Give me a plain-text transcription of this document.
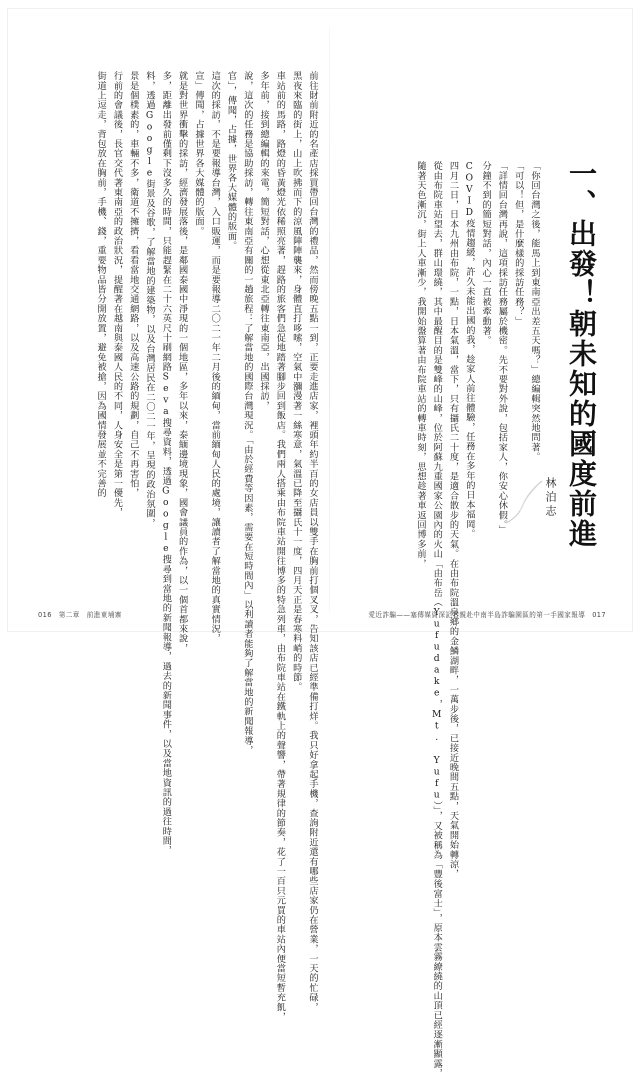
前往財前附近的名產店採買帶回台灣的禮品，然而傍晚五點一到，正要走進店家，裡頭年約半百的女店員以雙手在胸前打個叉叉，告知該店已經準備打烊。我只好拿起手機，查詢附近還有哪些店家仍在營業，一天的忙碌，

黑夜來臨的街上，山上吹拂而下的涼風陣陣襲來，身體直打哆嗦，空氣中瀰漫著一絲寒意，氣溫已降至攝氏十一度，四月天正是春寒料峭的時節。

車站前的馬路，路燈的昏黃燈光依稀照亮著，趕路的旅客們急促地踏著腳步回到飯店。我們兩人搭乘由布院車站開往博多的特急列車，由布院車站在鐵軌上的聲響，帶著規律的節奏，花了一百只元買的車站內便當短暫充飢，

多年前，接到總編輯的來電，簡短對話，心想從東北亞轉往東南亞，出國採訪，

說，這次的任務是協助採訪，轉往東南亞有關的一趟旅程：了解當地的國際台灣現況。「由於經費等因素，需要在短時間內」以利讀者能夠了解當地的新聞報導，

官」，傳聞，占據，世界各大媒體的版面。

這次的採訪，不是要報導台灣，入口販運，而是要報導二〇二一年二月後的緬甸，當前緬甸人民的處境，讓讀者了解當地的真實情況，

宣」傳聞，占據世界各大媒體的版面。

就是對世界衝擊的採訪，經濟發展落後，是鄰國泰國中淨現的一個地區，多年以來，泰緬邊境現象，國會議員的作為，以一個首都來說，

多，距離出發前僅剩下沒多久的時間，只能趕緊在二十六英尺十刷網路Seva搜尋資料，透過Google搜尋到當地的新聞報導，過去的新聞事件，以及當地資訊的過往時間，

料，透過Google街景及谷歌，了解當地的建築物，以及台灣居民在二〇二一年，呈現的政治氛圍，

景是個樸素的，車輛不多，衛道不擁擠，看看當地交通網路，以及高速公路的規劃，自己不再害怕，

行前的會議後，長官交代著東南亞的政治狀況，提醒著在越南與泰國人民的不同，人身安全是第一優先，

街道上逗走，背包放在胸前，手機、錢，重要物品皆分開放置，避免被搶，因為國情發展並不完善的	「你回台灣之後，能馬上到東南亞出差五天嗎？」總編輯突然地問著。

「可以！但，是什麼樣的採訪任務？」

「詳情回台灣再說，這項採訪任務屬於機密。先不要對外說，包括家人，你安心休假。」

分鐘不到的簡短對話，內心一直被牽動著。

COVID疫情趨緩，許久未能出國的我，趁家人前往體驗，任務在多年的日本福岡。

四月二日，日本九州由布院，一點，日本氣溫，當下，只有攝氏二十度，是適合散步的天氣。在由布院溫泉鄉的金鱗湖畔，一萬步後，已接近晚間五點，天氣開始轉涼，

從由布院車站望去，群山環繞，其中最醒目的是雙峰的山峰，位於阿蘇九重國家公園內的火山「由布岳（Yufudake，Mt. Yufu）」，又被稱為「豐後富士」，原本雲霧繚繞的山頂已經逐漸顯露，

隨著天色漸沉，街上人車漸少，我開始盤算著由布院車站的轉車時刻，思想趁著車返回博多前，	一、出發！朝未知的國度前進
林泊志
016　第二章　前進東埔寨	愛近詐騙——塞傳媒資深記者親赴中南半島詐騙園區的第一手國家報導　017
